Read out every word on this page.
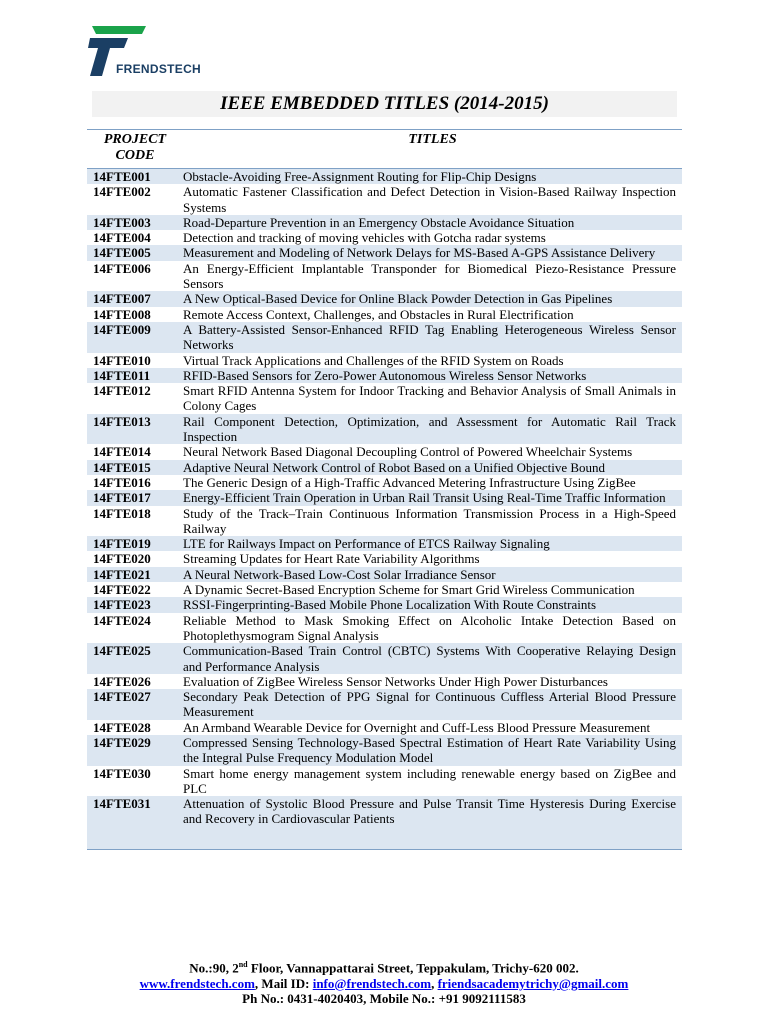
FRENDSTECH
IEEE EMBEDDED TITLES (2014-2015)
PROJECT CODE
TITLES
14FTE001	Obstacle-Avoiding Free-Assignment Routing for Flip-Chip Designs
14FTE002	Automatic Fastener Classification and Defect Detection in Vision-Based Railway Inspection Systems
14FTE003	Road-Departure Prevention in an Emergency Obstacle Avoidance Situation
14FTE004	Detection and tracking of moving vehicles with Gotcha radar systems
14FTE005	Measurement and Modeling of Network Delays for MS-Based A-GPS Assistance Delivery
14FTE006	An Energy-Efficient Implantable Transponder for Biomedical Piezo-Resistance Pressure Sensors
14FTE007	A New Optical-Based Device for Online Black Powder Detection in Gas Pipelines
14FTE008	Remote Access Context, Challenges, and Obstacles in Rural Electrification
14FTE009	A Battery-Assisted Sensor-Enhanced RFID Tag Enabling Heterogeneous Wireless Sensor Networks
14FTE010	Virtual Track Applications and Challenges of the RFID System on Roads
14FTE011	RFID-Based Sensors for Zero-Power Autonomous Wireless Sensor Networks
14FTE012	Smart RFID Antenna System for Indoor Tracking and Behavior Analysis of Small Animals in Colony Cages
14FTE013	Rail Component Detection, Optimization, and Assessment for Automatic Rail Track Inspection
14FTE014	Neural Network Based Diagonal Decoupling Control of Powered Wheelchair Systems
14FTE015	Adaptive Neural Network Control of Robot Based on a Unified Objective Bound
14FTE016	The Generic Design of a High-Traffic Advanced Metering Infrastructure Using ZigBee
14FTE017	Energy-Efficient Train Operation in Urban Rail Transit Using Real-Time Traffic Information
14FTE018	Study of the Track–Train Continuous Information Transmission Process in a High-Speed Railway
14FTE019	LTE for Railways Impact on Performance of ETCS Railway Signaling
14FTE020	Streaming Updates for Heart Rate Variability Algorithms
14FTE021	A Neural Network-Based Low-Cost Solar Irradiance Sensor
14FTE022	A Dynamic Secret-Based Encryption Scheme for Smart Grid Wireless Communication
14FTE023	RSSI-Fingerprinting-Based Mobile Phone Localization With Route Constraints
14FTE024	Reliable Method to Mask Smoking Effect on Alcoholic Intake Detection Based on Photoplethysmogram Signal Analysis
14FTE025	Communication-Based Train Control (CBTC) Systems With Cooperative Relaying Design and Performance Analysis
14FTE026	Evaluation of ZigBee Wireless Sensor Networks Under High Power Disturbances
14FTE027	Secondary Peak Detection of PPG Signal for Continuous Cuffless Arterial Blood Pressure Measurement
14FTE028	An Armband Wearable Device for Overnight and Cuff-Less Blood Pressure Measurement
14FTE029	Compressed Sensing Technology-Based Spectral Estimation of Heart Rate Variability Using the Integral Pulse Frequency Modulation Model
14FTE030	Smart home energy management system including renewable energy based on ZigBee and PLC
14FTE031	Attenuation of Systolic Blood Pressure and Pulse Transit Time Hysteresis During Exercise and Recovery in Cardiovascular Patients
No.:90, 2nd Floor, Vannappattarai Street, Teppakulam, Trichy-620 002.
www.frendstech.com, Mail ID: info@frendstech.com, friendsacademytrichy@gmail.com
Ph No.: 0431-4020403, Mobile No.: +91 9092111583
